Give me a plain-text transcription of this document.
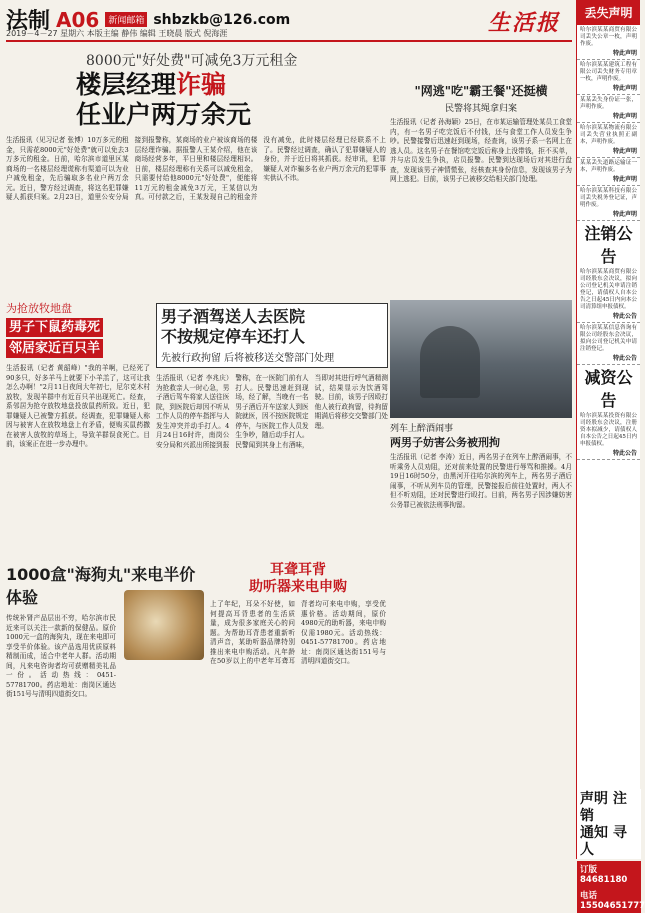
法制 A06	新闻邮箱 shbzkb@126.com	生活报
2019－4－27 星期六 本版主编 静伟 编辑 王晓晨 版式 倪海涯
8000元"好处费"可减免3万元租金
楼层经理诈骗
任业户两万余元
生活报讯（见习记者 张博）10万多元的租金，只需花8000元"好处费"就可以免去3万多元的租金。日前，哈尔滨市道里区某商场的一名楼层经理谎称有渠道可以为业户减免租金，先后骗取多名业户两万余元。近日，警方经过调查，将这名犯罪嫌疑人抓获归案。2月23日，道里公安分局接到报警称，某商场的业户被该商场的楼层经理诈骗。据报警人王某介绍，他在该商场经营多年，平日里和楼层经理相识。日前，楼层经理称有关系可以减免租金，只需要付给他8000元"好处费"，便能将11万元的租金减免3万元，王某信以为真。可付款之后，王某发现自己的租金并没有减免，此时楼层经理已经联系不上了。民警经过调查，确认了犯罪嫌疑人的身份，并于近日将其抓获。经审讯，犯罪嫌疑人对诈骗多名业户两万余元的犯罪事实供认不讳。
为抢放牧地盘
男子下鼠药毒死 邻居家近百只羊
生活报讯（记者 黄韶峰）"我的羊啊，已经死了90多只，好多羊马上就要下小羊羔了，这可让我怎么办啊！"2月11日夜间大年初七，尼尔克木村放牧，发现羊群中有近百只羊出现死亡。经查，系邻居为抢夺放牧地盘投放鼠药所致。近日，犯罪嫌疑人已被警方抓获。经调查，犯罪嫌疑人称因与被害人在放牧地盘上有矛盾，便购买鼠药撒在被害人放牧的草场上，导致羊群误食死亡。目前，该案正在进一步办理中。
男子酒驾送人去医院
不按规定停车还打人
先被行政拘留 后将被移送交警部门处理
生活报讯（记者 李兆庆）为抢救亲人一时心急，男子酒后驾车将家人送往医院，到医院后却因不听从工作人员的停车指挥与人发生冲突并动手打人。4月24日16时许，南岗公安分局和兴派出所接到报警称，在一医院门前有人打人。民警迅速赶到现场，经了解，当晚有一名男子酒后开车送家人到医院就医，因不按医院规定停车，与医院工作人员发生争吵，随后动手打人。民警闻到其身上有酒味，当即对其进行呼气酒精测试，结果显示为饮酒驾驶。目前，该男子因殴打他人被行政拘留，待拘留期满后将移交交警部门处理。
"网逃"吃"霸王餐"还挺横
民警将其绳拿归案
生活报讯（记者 孙海颖）25日，在市某运输管理处某员工食堂内，有一名男子吃完饭后不付钱，还与食堂工作人员发生争吵。民警接警后迅速赶到现场，经查询，该男子系一名网上在逃人员。这名男子在餐馆吃完饭后称身上没带钱，拒不买单，并与店员发生争执，店员报警。民警到达现场后对其进行盘查，发现该男子神情慌张，经核查其身份信息，发现该男子为网上逃犯。目前，该男子已被移交给相关部门处理。
列车上醉酒闹事
两男子妨害公务被刑拘
生活报讯（记者 李涛）近日，两名男子在列车上醉酒闹事，不听乘务人员劝阻，还对前来处置的民警进行辱骂和推搡。4月19日16时50分，由黑河开往哈尔滨的列车上，两名男子酒后闹事，不听从列车员的管理，民警接报后前往处置时，两人不但不听劝阻，还对民警进行殴打。目前，两名男子因涉嫌妨害公务罪已被依法刑事拘留。
1000盒"海狗丸"来电半价体验
传统补肾产品层出不穷，哈尔滨市民近来可以关注一款新的保健品。原价1000元一盒的海狗丸，现在来电即可享受半价体验。该产品选用优质原料精制而成，适合中老年人群。活动期间，凡来电咨询者均可获赠精美礼品一份。活动热线：0451-57781700。药店地址：南岗区通达街151号与清明四道街交口。
耳聋耳背
助听器来电申购
上了年纪，耳朵不好使，如何提高耳背患者的生活质量，成为很多家庭关心的问题。为帮助耳背患者重新听清声音，某助听器品牌特别推出来电申购活动。凡年龄在50岁以上的中老年耳聋耳背者均可来电申购，享受优惠价格。活动期间，原价4980元的助听器，来电申购仅需1980元。活动热线：0451-57781700。药店地址：南岗区通达街151号与清明四道街交口。
丢失声明
哈尔滨某某商贸有限公司丢失公章一枚，声明作废。
特此声明
哈尔滨某某建筑工程有限公司丢失财务专用章一枚，声明作废。
特此声明
某某丢失身份证一张，声明作废。
特此声明
哈尔滨某某物流有限公司丢失营业执照正副本，声明作废。
特此声明
某某丢失道路运输证一本，声明作废。
特此声明
哈尔滨某某科技有限公司丢失税务登记证，声明作废。
特此声明
注销公告
哈尔滨某某商贸有限公司经股东会决议，拟向公司登记机关申请注销登记，请债权人自本公告之日起45日内向本公司清算组申报债权。
特此公告
哈尔滨某某信息咨询有限公司经股东会决议，拟向公司登记机关申请注销登记。
特此公告
减资公告
哈尔滨某某投资有限公司经股东会决议，注册资本拟减少，请债权人自本公告之日起45日内申报债权。
特此公告
声明 注销
通知 寻人
订版 84681180
电话 15504651777
